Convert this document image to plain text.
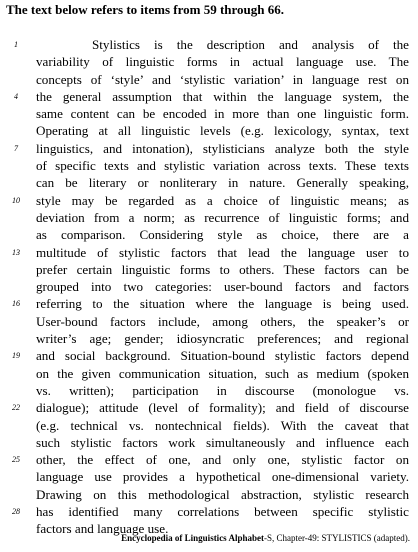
The text below refers to items from 59 through 66.
1	Stylistics is the description and analysis of the
variability of linguistic forms in actual language use. The
concepts of ‘style’ and ‘stylistic variation’ in language rest on
4	the general assumption that within the language system, the
same content can be encoded in more than one linguistic form.
Operating at all linguistic levels (e.g. lexicology, syntax, text
7	linguistics, and intonation), stylisticians analyze both the style
of specific texts and stylistic variation across texts. These texts
can be literary or nonliterary in nature. Generally speaking,
10 style may be regarded as a choice of linguistic means; as
deviation from a norm; as recurrence of linguistic forms; and
as comparison. Considering style as choice, there are a
13 multitude of stylistic factors that lead the language user to
prefer certain linguistic forms to others. These factors can be
grouped into two categories: user-bound factors and factors
16 referring to the situation where the language is being used.
User-bound factors include, among others, the speaker’s or
writer’s age; gender; idiosyncratic preferences; and regional
19 and social background. Situation-bound stylistic factors depend
on the given communication situation, such as medium (spoken
vs. written); participation in discourse (monologue vs.
22 dialogue); attitude (level of formality); and field of discourse
(e.g. technical vs. nontechnical fields). With the caveat that
such stylistic factors work simultaneously and influence each
25 other, the effect of one, and only one, stylistic factor on
language use provides a hypothetical one-dimensional variety.
Drawing on this methodological abstraction, stylistic research
28 has identified many correlations between specific stylistic
factors and language use.
Encyclopedia of Linguistics Alphabet-S, Chapter-49: STYLISTICS (adapted).
